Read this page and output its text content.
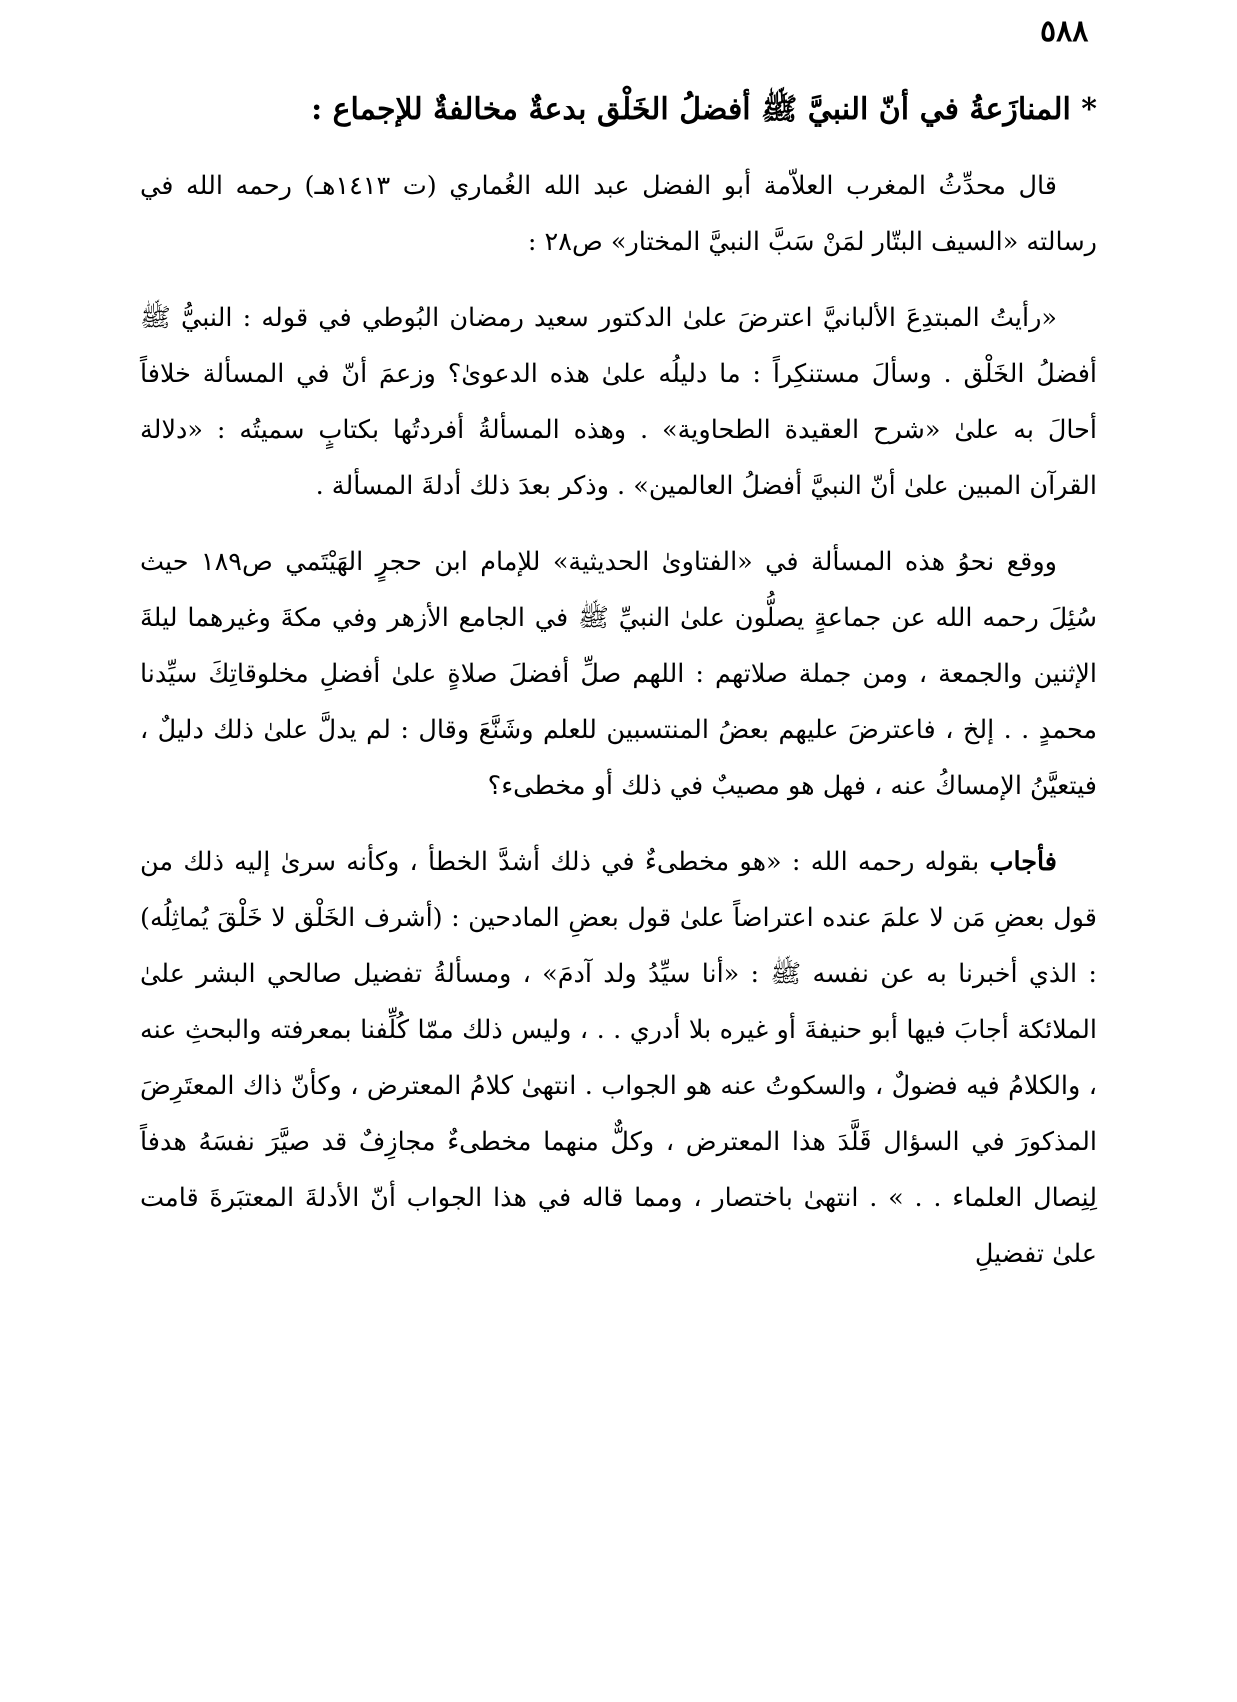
٥٨٨
* المنازَعةُ في أنّ النبيَّ ﷺ أفضلُ الخَلْق بدعةٌ مخالفةٌ للإجماع :

قال محدِّثُ المغرب العلاّمة أبو الفضل عبد الله الغُماري (ت ١٤١٣هـ) رحمه الله في رسالته «السيف البتّار لمَنْ سَبَّ النبيَّ المختار» ص٢٨ :

«رأيتُ المبتدِعَ الألبانيَّ اعترضَ علىٰ الدكتور سعيد رمضان البُوطي في قوله : النبيُّ ﷺ أفضلُ الخَلْق . وسألَ مستنكِراً : ما دليلُه علىٰ هذه الدعوىٰ؟ وزعمَ أنّ في المسألة خلافاً أحالَ به علىٰ «شرح العقيدة الطحاوية» . وهذه المسألةُ أفردتُها بكتابٍ سميتُه : «دلالة القرآن المبين علىٰ أنّ النبيَّ أفضلُ العالمين» . وذكر بعدَ ذلك أدلةَ المسألة .

ووقع نحوُ هذه المسألة في «الفتاوىٰ الحديثية» للإمام ابن حجرٍ الهَيْتَمي ص١٨٩ حيث سُئِلَ رحمه الله عن جماعةٍ يصلُّون علىٰ النبيِّ ﷺ في الجامع الأزهر وفي مكةَ وغيرهما ليلةَ الإثنين والجمعة ، ومن جملة صلاتهم : اللهم صلِّ أفضلَ صلاةٍ علىٰ أفضلِ مخلوقاتِكَ سيِّدنا محمدٍ . . إلخ ، فاعترضَ عليهم بعضُ المنتسبين للعلم وشَنَّعَ وقال : لم يدلَّ علىٰ ذلك دليلٌ ، فيتعيَّنُ الإمساكُ عنه ، فهل هو مصيبٌ في ذلك أو مخطىء؟

فأجاب بقوله رحمه الله : «هو مخطىءٌ في ذلك أشدَّ الخطأ ، وكأنه سرىٰ إليه ذلك من قول بعضِ مَن لا علمَ عنده اعتراضاً علىٰ قول بعضِ المادحين : (أشرف الخَلْق لا خَلْقَ يُماثِلُه) : الذي أخبرنا به عن نفسه ﷺ : «أنا سيِّدُ ولد آدمَ» ، ومسألةُ تفضيل صالحي البشر علىٰ الملائكة أجابَ فيها أبو حنيفةَ أو غيره بلا أدري . . ، وليس ذلك ممّا كُلِّفنا بمعرفته والبحثِ عنه ، والكلامُ فيه فضولٌ ، والسكوتُ عنه هو الجواب . انتهىٰ كلامُ المعترض ، وكأنّ ذاك المعتَرِضَ المذكورَ في السؤال قَلَّدَ هذا المعترض ، وكلٌّ منهما مخطىءٌ مجازِفٌ قد صيَّرَ نفسَهُ هدفاً لِنِصال العلماء . . » . انتهىٰ باختصار ، ومما قاله في هذا الجواب أنّ الأدلةَ المعتبَرةَ قامت علىٰ تفضيلِ
